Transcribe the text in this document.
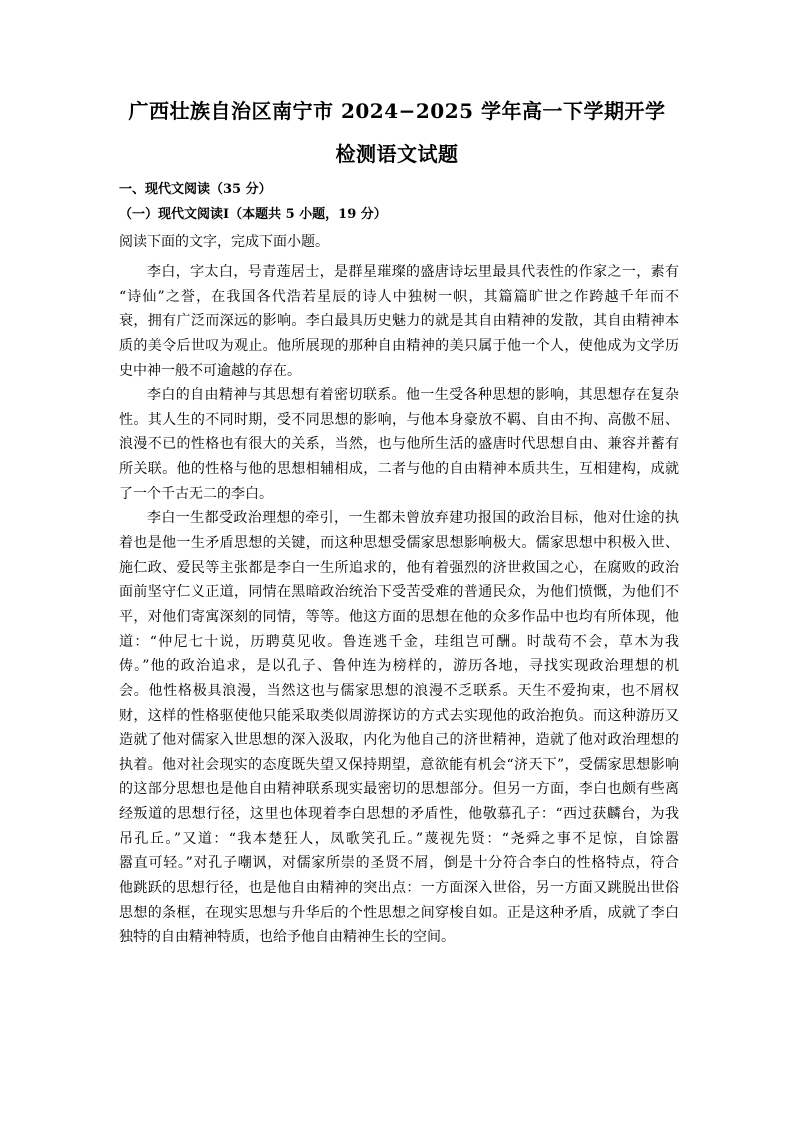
广西壮族自治区南宁市 2024−2025 学年高一下学期开学
检测语文试题
一、现代文阅读（35 分）
（一）现代文阅读Ⅰ（本题共 5 小题，19 分）
阅读下面的文字，完成下面小题。
李白，字太白，号青莲居士，是群星璀璨的盛唐诗坛里最具代表性的作家之一，素有
“诗仙”之誉，在我国各代浩若星辰的诗人中独树一帜，其篇篇旷世之作跨越千年而不
衰，拥有广泛而深远的影响。李白最具历史魅力的就是其自由精神的发散，其自由精神本
质的美令后世叹为观止。他所展现的那种自由精神的美只属于他一个人，使他成为文学历
史中神一般不可逾越的存在。
李白的自由精神与其思想有着密切联系。他一生受各种思想的影响，其思想存在复杂
性。其人生的不同时期，受不同思想的影响，与他本身豪放不羁、自由不拘、高傲不屈、
浪漫不已的性格也有很大的关系，当然，也与他所生活的盛唐时代思想自由、兼容并蓄有
所关联。他的性格与他的思想相辅相成，二者与他的自由精神本质共生，互相建构，成就
了一个千古无二的李白。
李白一生都受政治理想的牵引，一生都未曾放弃建功报国的政治目标，他对仕途的执
着也是他一生矛盾思想的关键，而这种思想受儒家思想影响极大。儒家思想中积极入世、
施仁政、爱民等主张都是李白一生所追求的，他有着强烈的济世救国之心，在腐败的政治
面前坚守仁义正道，同情在黑暗政治统治下受苦受难的普通民众，为他们愤慨，为他们不
平，对他们寄寓深刻的同情，等等。他这方面的思想在他的众多作品中也均有所体现，他
道：“仲尼七十说，历聘莫见收。鲁连逃千金，珪组岂可酬。时哉苟不会，草木为我
俦。”他的政治追求，是以孔子、鲁仲连为榜样的，游历各地，寻找实现政治理想的机
会。他性格极具浪漫，当然这也与儒家思想的浪漫不乏联系。天生不爱拘束，也不屑权
财，这样的性格驱使他只能采取类似周游探访的方式去实现他的政治抱负。而这种游历又
造就了他对儒家入世思想的深入汲取，内化为他自己的济世精神，造就了他对政治理想的
执着。他对社会现实的态度既失望又保持期望，意欲能有机会“济天下”，受儒家思想影响
的这部分思想也是他自由精神联系现实最密切的思想部分。但另一方面，李白也颇有些离
经叛道的思想行径，这里也体现着李白思想的矛盾性，他敬慕孔子：“西过获麟台，为我
吊孔丘。”又道：“我本楚狂人，凤歌笑孔丘。”蔑视先贤：“尧舜之事不足惊，自馀嚣
嚣直可轻。”对孔子嘲讽，对儒家所崇的圣贤不屑，倒是十分符合李白的性格特点，符合
他跳跃的思想行径，也是他自由精神的突出点：一方面深入世俗，另一方面又跳脱出世俗
思想的条框，在现实思想与升华后的个性思想之间穿梭自如。正是这种矛盾，成就了李白
独特的自由精神特质，也给予他自由精神生长的空间。
